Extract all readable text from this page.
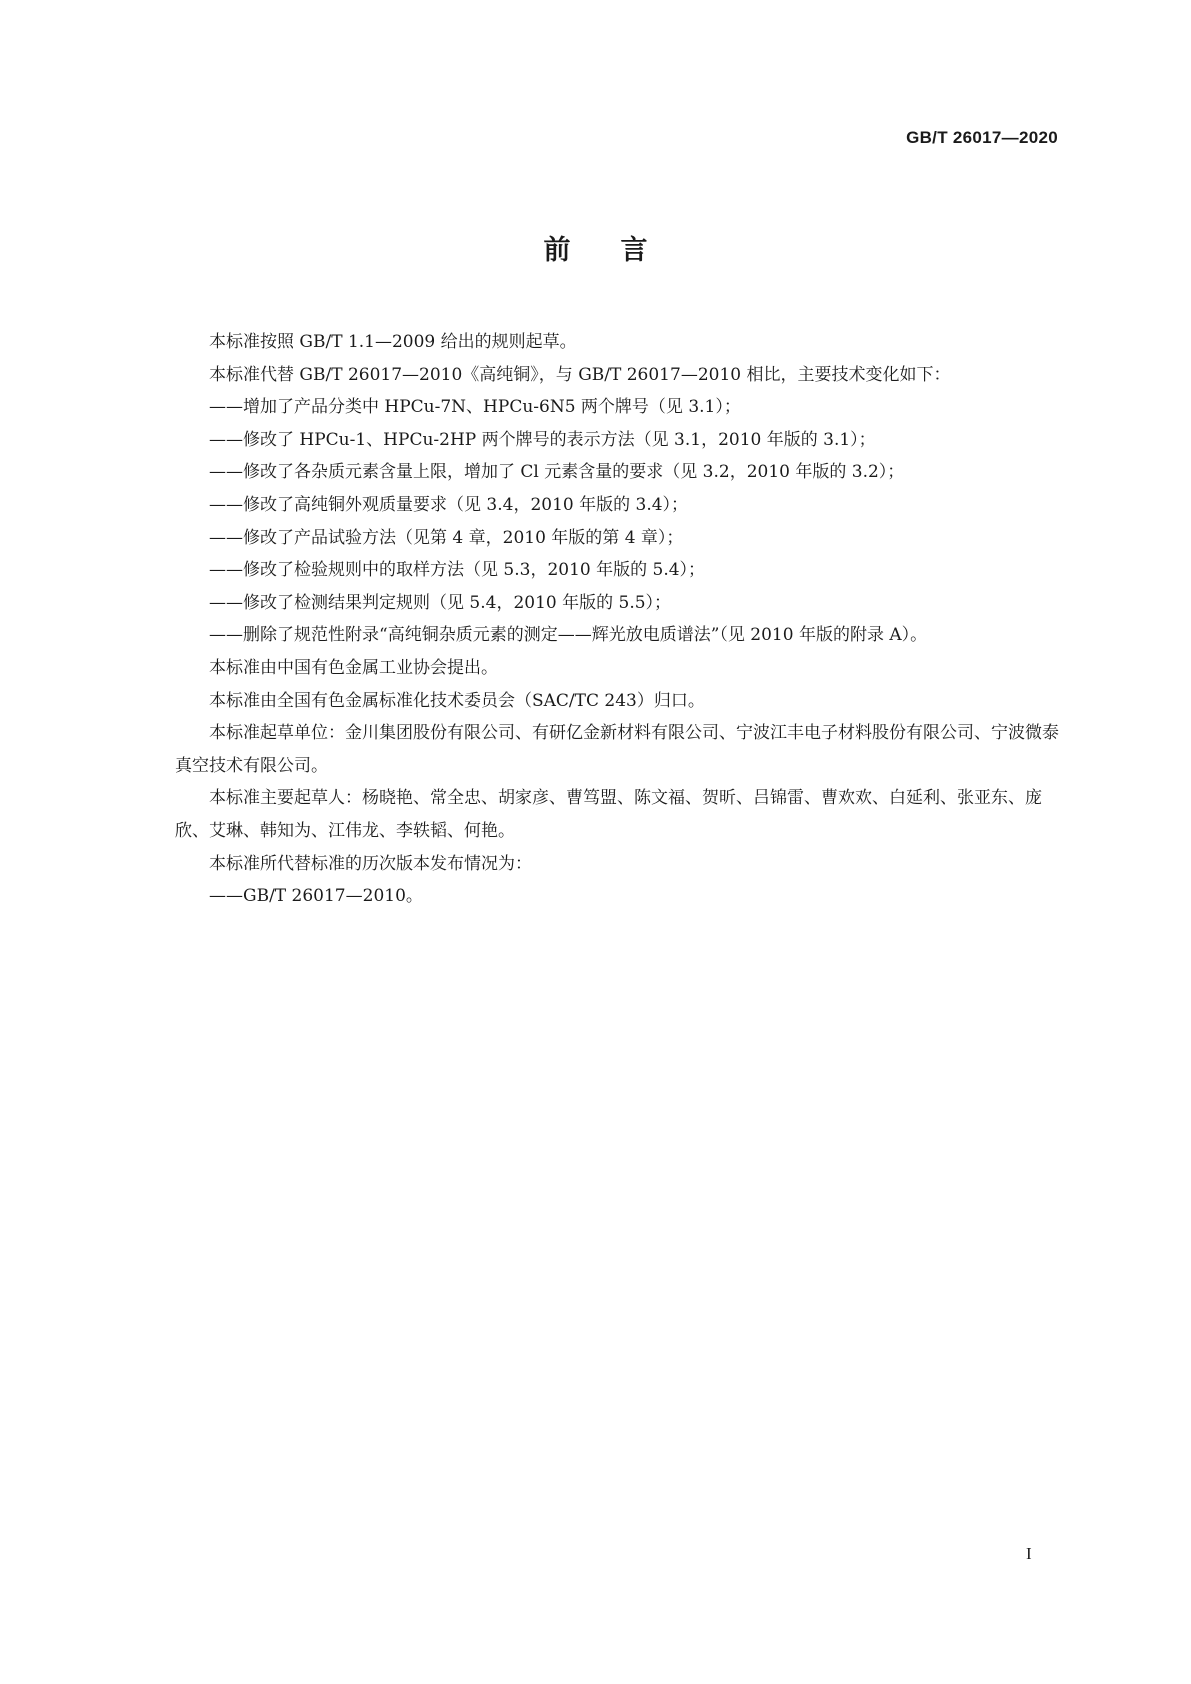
GB/T 26017—2020
前言

本标准按照 GB/T 1.1—2009 给出的规则起草。

本标准代替 GB/T 26017—2010《高纯铜》，与 GB/T 26017—2010 相比，主要技术变化如下：

——增加了产品分类中 HPCu-7N、HPCu-6N5 两个牌号（见 3.1）；

——修改了 HPCu-1、HPCu-2HP 两个牌号的表示方法（见 3.1，2010 年版的 3.1）；

——修改了各杂质元素含量上限，增加了 Cl 元素含量的要求（见 3.2，2010 年版的 3.2）；

——修改了高纯铜外观质量要求（见 3.4，2010 年版的 3.4）；

——修改了产品试验方法（见第 4 章，2010 年版的第 4 章）；

——修改了检验规则中的取样方法（见 5.3，2010 年版的 5.4）；

——修改了检测结果判定规则（见 5.4，2010 年版的 5.5）；

——删除了规范性附录“高纯铜杂质元素的测定——辉光放电质谱法”（见 2010 年版的附录 A）。

本标准由中国有色金属工业协会提出。

本标准由全国有色金属标准化技术委员会（SAC/TC 243）归口。

本标准起草单位：金川集团股份有限公司、有研亿金新材料有限公司、宁波江丰电子材料股份有限公司、宁波微泰真空技术有限公司。

本标准主要起草人：杨晓艳、常全忠、胡家彦、曹笃盟、陈文福、贺昕、吕锦雷、曹欢欢、白延利、张亚东、庞欣、艾琳、韩知为、江伟龙、李轶韬、何艳。

本标准所代替标准的历次版本发布情况为：

——GB/T 26017—2010。

I
